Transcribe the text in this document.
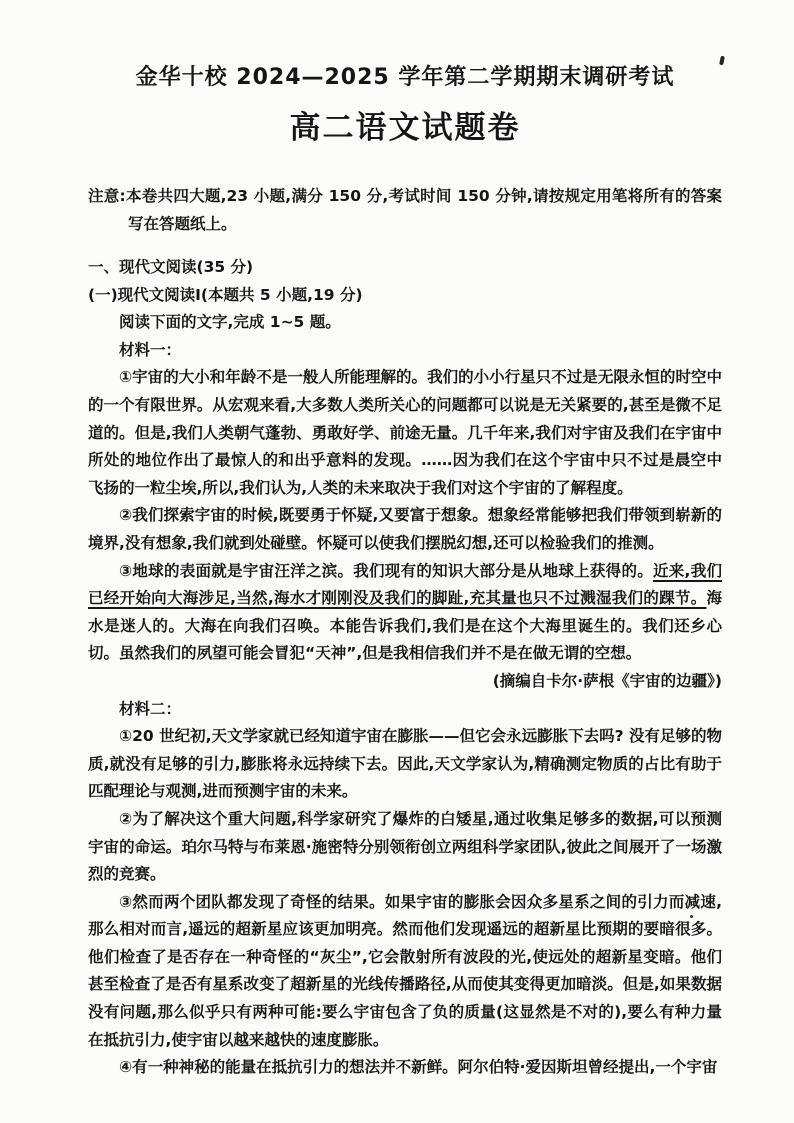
金华十校 2024—2025 学年第二学期期末调研考试
高二语文试题卷

注意:本卷共四大题,23 小题,满分 150 分,考试时间 150 分钟,请按规定用笔将所有的答案写在答题纸上。

一、现代文阅读(35 分)

(一)现代文阅读Ⅰ(本题共 5 小题,19 分)

阅读下面的文字,完成 1~5 题。

材料一：

①宇宙的大小和年龄不是一般人所能理解的。我们的小小行星只不过是无限永恒的时空中的一个有限世界。从宏观来看,大多数人类所关心的问题都可以说是无关紧要的,甚至是微不足道的。但是,我们人类朝气蓬勃、勇敢好学、前途无量。几千年来,我们对宇宙及我们在宇宙中所处的地位作出了最惊人的和出乎意料的发现。……因为我们在这个宇宙中只不过是晨空中飞扬的一粒尘埃,所以,我们认为,人类的未来取决于我们对这个宇宙的了解程度。

②我们探索宇宙的时候,既要勇于怀疑,又要富于想象。想象经常能够把我们带领到崭新的境界,没有想象,我们就到处碰壁。怀疑可以使我们摆脱幻想,还可以检验我们的推测。

③地球的表面就是宇宙汪洋之滨。我们现有的知识大部分是从地球上获得的。近来,我们已经开始向大海涉足,当然,海水才刚刚没及我们的脚趾,充其量也只不过溅湿我们的踝节。海水是迷人的。大海在向我们召唤。本能告诉我们,我们是在这个大海里诞生的。我们还乡心切。虽然我们的夙望可能会冒犯“天神”,但是我相信我们并不是在做无谓的空想。

(摘编自卡尔·萨根《宇宙的边疆》)

材料二：

①20 世纪初,天文学家就已经知道宇宙在膨胀——但它会永远膨胀下去吗? 没有足够的物质,就没有足够的引力,膨胀将永远持续下去。因此,天文学家认为,精确测定物质的占比有助于匹配理论与观测,进而预测宇宙的未来。

②为了解决这个重大问题,科学家研究了爆炸的白矮星,通过收集足够多的数据,可以预测宇宙的命运。珀尔马特与布莱恩·施密特分别领衔创立两组科学家团队,彼此之间展开了一场激烈的竞赛。

③然而两个团队都发现了奇怪的结果。如果宇宙的膨胀会因众多星系之间的引力而减速,那么相对而言,遥远的超新星应该更加明亮。然而他们发现遥远的超新星比预期的要暗很多。他们检查了是否存在一种奇怪的“灰尘”,它会散射所有波段的光,使远处的超新星变暗。他们甚至检查了是否有星系改变了超新星的光线传播路径,从而使其变得更加暗淡。但是,如果数据没有问题,那么似乎只有两种可能:要么宇宙包含了负的质量(这显然是不对的),要么有种力量在抵抗引力,使宇宙以越来越快的速度膨胀。

④有一种神秘的能量在抵抗引力的想法并不新鲜。阿尔伯特·爱因斯坦曾经提出,一个宇宙
